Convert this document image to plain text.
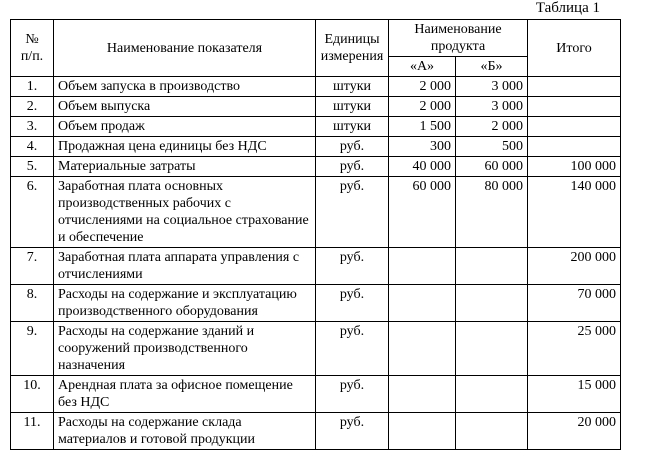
Таблица 1
№ п/п.	Наименование показателя	Единицы измерения	Наименование продукта		Итого
			«А»	«Б»	
1.	Объем запуска в производство	штуки	2 000	3 000	
2.	Объем выпуска	штуки	2 000	3 000	
3.	Объем продаж	штуки	1 500	2 000	
4.	Продажная цена единицы без НДС	руб.	300	500	
5.	Материальные затраты	руб.	40 000	60 000	100 000
6.	Заработная плата основных производственных рабочих с отчислениями на социальное страхование и обеспечение	руб.	60 000	80 000	140 000
7.	Заработная плата аппарата управления с отчислениями	руб.			200 000
8.	Расходы на содержание и эксплуатацию производственного оборудования	руб.			70 000
9.	Расходы на содержание зданий и сооружений производственного назначения	руб.			25 000
10.	Арендная плата за офисное помещение без НДС	руб.			15 000
11.	Расходы на содержание склада материалов и готовой продукции	руб.			20 000
